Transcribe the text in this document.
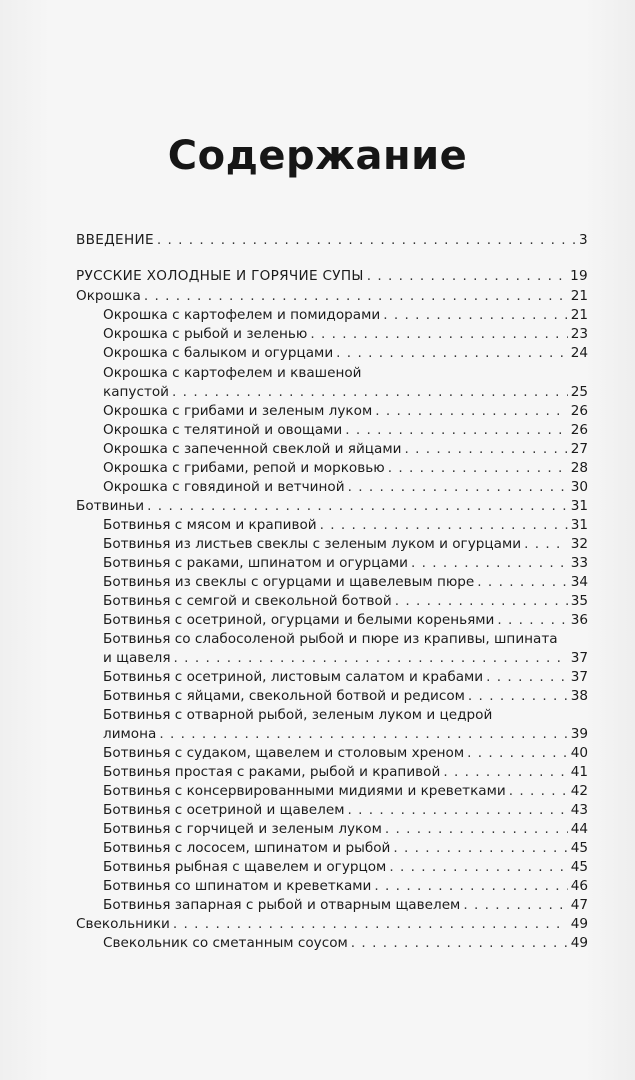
Содержание
ВВЕДЕНИЕ . . .	3
РУССКИЕ ХОЛОДНЫЕ И ГОРЯЧИЕ СУПЫ . . .	19
Окрошка . . .	21
Окрошка с картофелем и помидорами . . .	21
Окрошка с рыбой и зеленью . . .	23
Окрошка с балыком и огурцами . . .	24
Окрошка с картофелем и квашеной
капустой . . .	25
Окрошка с грибами и зеленым луком . . .	26
Окрошка с телятиной и овощами . . .	26
Окрошка с запеченной свеклой и яйцами . . .	27
Окрошка с грибами, репой и морковью . . .	28
Окрошка с говядиной и ветчиной . . .	30
Ботвиньи . . .	31
Ботвинья с мясом и крапивой . . .	31
Ботвинья из листьев свеклы с зеленым луком и огурцами . . .	32
Ботвинья с раками, шпинатом и огурцами . . .	33
Ботвинья из свеклы с огурцами и щавелевым пюре . . .	34
Ботвинья с семгой и свекольной ботвой . . .	35
Ботвинья с осетриной, огурцами и белыми кореньями . . .	36
Ботвинья со слабосоленой рыбой и пюре из крапивы, шпината
и щавеля . . .	37
Ботвинья с осетриной, листовым салатом и крабами . . .	37
Ботвинья с яйцами, свекольной ботвой и редисом . . .	38
Ботвинья с отварной рыбой, зеленым луком и цедрой
лимона . . .	39
Ботвинья с судаком, щавелем и столовым хреном . . .	40
Ботвинья простая с раками, рыбой и крапивой . . .	41
Ботвинья с консервированными мидиями и креветками . . .	42
Ботвинья с осетриной и щавелем . . .	43
Ботвинья с горчицей и зеленым луком . . .	44
Ботвинья с лососем, шпинатом и рыбой . . .	45
Ботвинья рыбная с щавелем и огурцом . . .	45
Ботвинья со шпинатом и креветками . . .	46
Ботвинья запарная с рыбой и отварным щавелем . . .	47
Свекольники . . .	49
Свекольник со сметанным соусом . . .	49
